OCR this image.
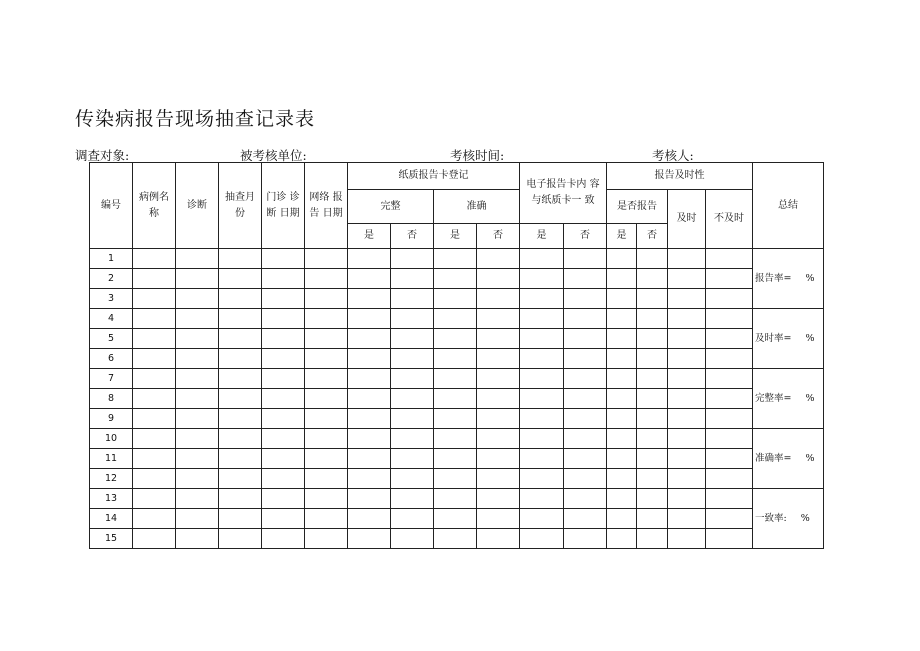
传染病报告现场抽查记录表
调查对象:	被考核单位:	考核时间:	考核人:
编号	病例名称	诊断	抽查月份	门诊 诊断 日期	网络 报告 日期	纸质报告卡登记				电子报告卡内 容与纸质卡一 致		报告及时性				总结
						完整		准确				是否报告		及时	不及时	
						是	否	是	否	是	否	是	否			
1																报告率= %
2																
3																
4																及时率= %
5																
6																
7																完整率= %
8																
9																
10																准确率= %
11																
12																
13																一致率: %
14																
15																
